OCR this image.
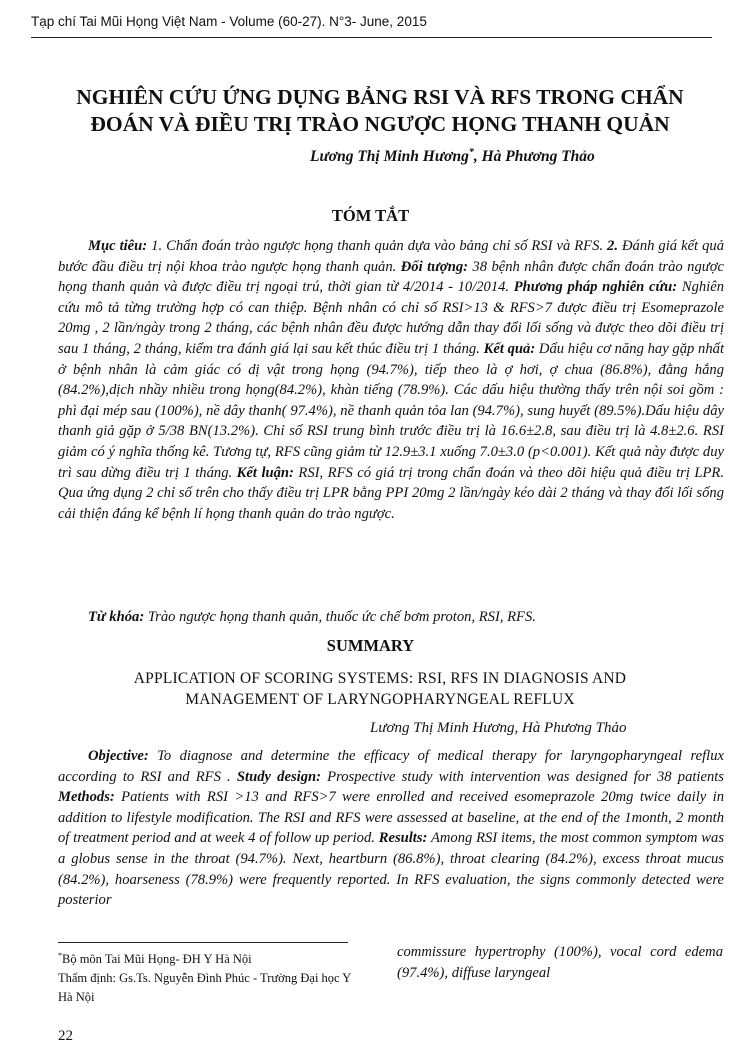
Tạp chí Tai Mũi Họng Việt Nam - Volume (60-27). N°3- June, 2015
NGHIÊN CỨU ỨNG DỤNG BẢNG RSI VÀ RFS TRONG CHẨN
ĐOÁN VÀ ĐIỀU TRỊ TRÀO NGƯỢC HỌNG THANH QUẢN
Lương Thị Minh Hương*, Hà Phương Thảo
TÓM TẮT
Mục tiêu: 1. Chẩn đoán trào ngược họng thanh quản dựa vào bảng chỉ số RSI và RFS. 2. Đánh giá kết quả bước đầu điều trị nội khoa trào ngược họng thanh quản. Đối tượng: 38 bệnh nhân được chẩn đoán trào ngược họng thanh quản và được điều trị ngoại trú, thời gian từ 4/2014 - 10/2014. Phương pháp nghiên cứu: Nghiên cứu mô tả từng trường hợp có can thiệp. Bệnh nhân có chỉ số RSI>13 & RFS>7 được điều trị Esomeprazole 20mg , 2 lần/ngày trong 2 tháng, các bệnh nhân đều được hướng dẫn thay đổi lối sống và được theo dõi điều trị sau 1 tháng, 2 tháng, kiểm tra đánh giá lại sau kết thúc điều trị 1 tháng. Kết quả: Dấu hiệu cơ năng hay gặp nhất ở bệnh nhân là cảm giác có dị vật trong họng (94.7%), tiếp theo là ợ hơi, ợ chua (86.8%), đằng hắng (84.2%),dịch nhầy nhiều trong họng(84.2%), khàn tiếng (78.9%). Các dấu hiệu thường thấy trên nội soi gồm : phì đại mép sau (100%), nề dây thanh( 97.4%), nề thanh quản tỏa lan (94.7%), sung huyết (89.5%).Dấu hiệu dây thanh giả gặp ở 5/38 BN(13.2%). Chỉ số RSI trung bình trước điều trị là 16.6±2.8, sau điều trị là 4.8±2.6. RSI giảm có ý nghĩa thống kê. Tương tự, RFS cũng giảm từ 12.9±3.1 xuống 7.0±3.0 (p<0.001). Kết quả này được duy trì sau dừng điều trị 1 tháng. Kết luận: RSI, RFS có giá trị trong chẩn đoán và theo dõi hiệu quả điều trị LPR. Qua ứng dụng 2 chỉ số trên cho thấy điều trị LPR bằng PPI 20mg 2 lần/ngày kéo dài 2 tháng và thay đổi lối sống cải thiện đáng kể bệnh lí họng thanh quản do trào ngược.
Từ khóa: Trào ngược họng thanh quản, thuốc ức chế bơm proton, RSI, RFS.
SUMMARY
APPLICATION OF SCORING SYSTEMS: RSI, RFS IN DIAGNOSIS AND
MANAGEMENT OF LARYNGOPHARYNGEAL REFLUX
Lương Thị Minh Hương, Hà Phương Thảo
Objective: To diagnose and determine the efficacy of medical therapy for laryngopharyngeal reflux according to RSI and RFS . Study design: Prospective study with intervention was designed for 38 patients Methods: Patients with RSI >13 and RFS>7 were enrolled and received esomeprazole 20mg twice daily in addition to lifestyle modification. The RSI and RFS were assessed at baseline, at the end of the 1month, 2 month of treatment period and at week 4 of follow up period. Results: Among RSI items, the most common symptom was a globus sense in the throat (94.7%). Next, heartburn (86.8%), throat clearing (84.2%), excess throat mucus (84.2%), hoarseness (78.9%) were frequently reported. In RFS evaluation, the signs commonly detected were posterior
*Bộ môn Tai Mũi Họng- ĐH Y Hà Nội
Thẩm định: Gs.Ts. Nguyễn Đình Phúc - Trường Đại học Y Hà Nội
commissure hypertrophy (100%), vocal cord edema (97.4%), diffuse laryngeal
22
